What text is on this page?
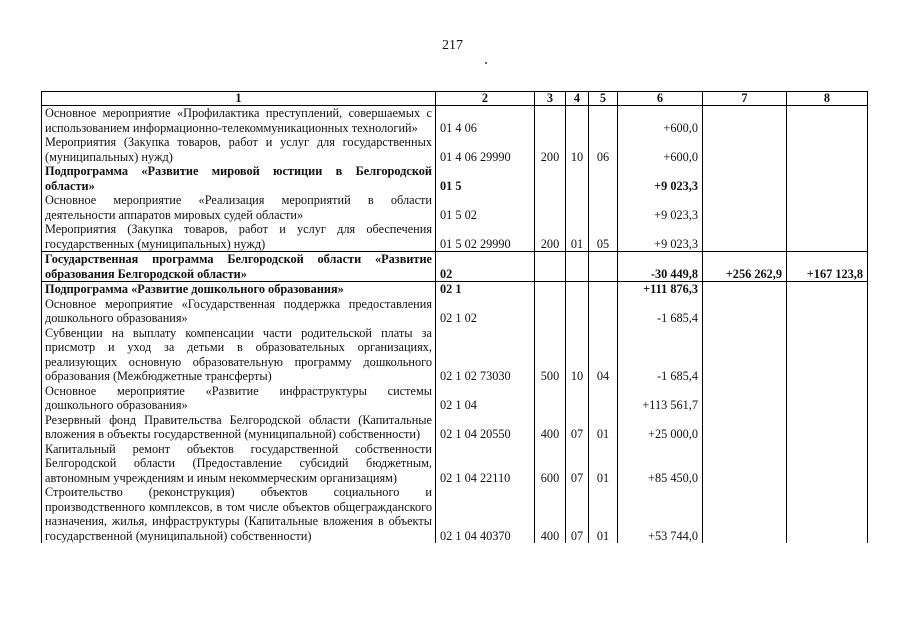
217
1	2	3	4	5	6	7	8
Основное мероприятие «Профилактика преступлений, совершаемых с использованием информационно-телекоммуникационных технологий»	01 4 06				+600,0		
Мероприятия (Закупка товаров, работ и услуг для государственных (муниципальных) нужд)	01 4 06 29990	200	10	06	+600,0		
Подпрограмма «Развитие мировой юстиции в Белгородской области»	01 5				+9 023,3		
Основное мероприятие «Реализация мероприятий в области деятельности аппаратов мировых судей области»	01 5 02				+9 023,3		
Мероприятия (Закупка товаров, работ и услуг для обеспечения государственных (муниципальных) нужд)	01 5 02 29990	200	01	05	+9 023,3		
Государственная программа Белгородской области «Развитие образования Белгородской области»	02				-30 449,8	+256 262,9	+167 123,8
Подпрограмма «Развитие дошкольного образования»	02 1				+111 876,3		
Основное мероприятие «Государственная поддержка предоставления дошкольного образования»	02 1 02				-1 685,4		
Субвенции на выплату компенсации части родительской платы за присмотр и уход за детьми в образовательных организациях, реализующих основную образовательную программу дошкольного образования (Межбюджетные трансферты)	02 1 02 73030	500	10	04	-1 685,4		
Основное мероприятие «Развитие инфраструктуры системы дошкольного образования»	02 1 04				+113 561,7		
Резервный фонд Правительства Белгородской области (Капитальные вложения в объекты государственной (муниципальной) собственности)	02 1 04 20550	400	07	01	+25 000,0		
Капитальный ремонт объектов государственной собственности Белгородской области (Предоставление субсидий бюджетным, автономным учреждениям и иным некоммерческим организациям)	02 1 04 22110	600	07	01	+85 450,0		
Строительство (реконструкция) объектов социального и производственного комплексов, в том числе объектов общегражданского назначения, жилья, инфраструктуры (Капитальные вложения в объекты государственной (муниципальной) собственности)	02 1 04 40370	400	07	01	+53 744,0		
